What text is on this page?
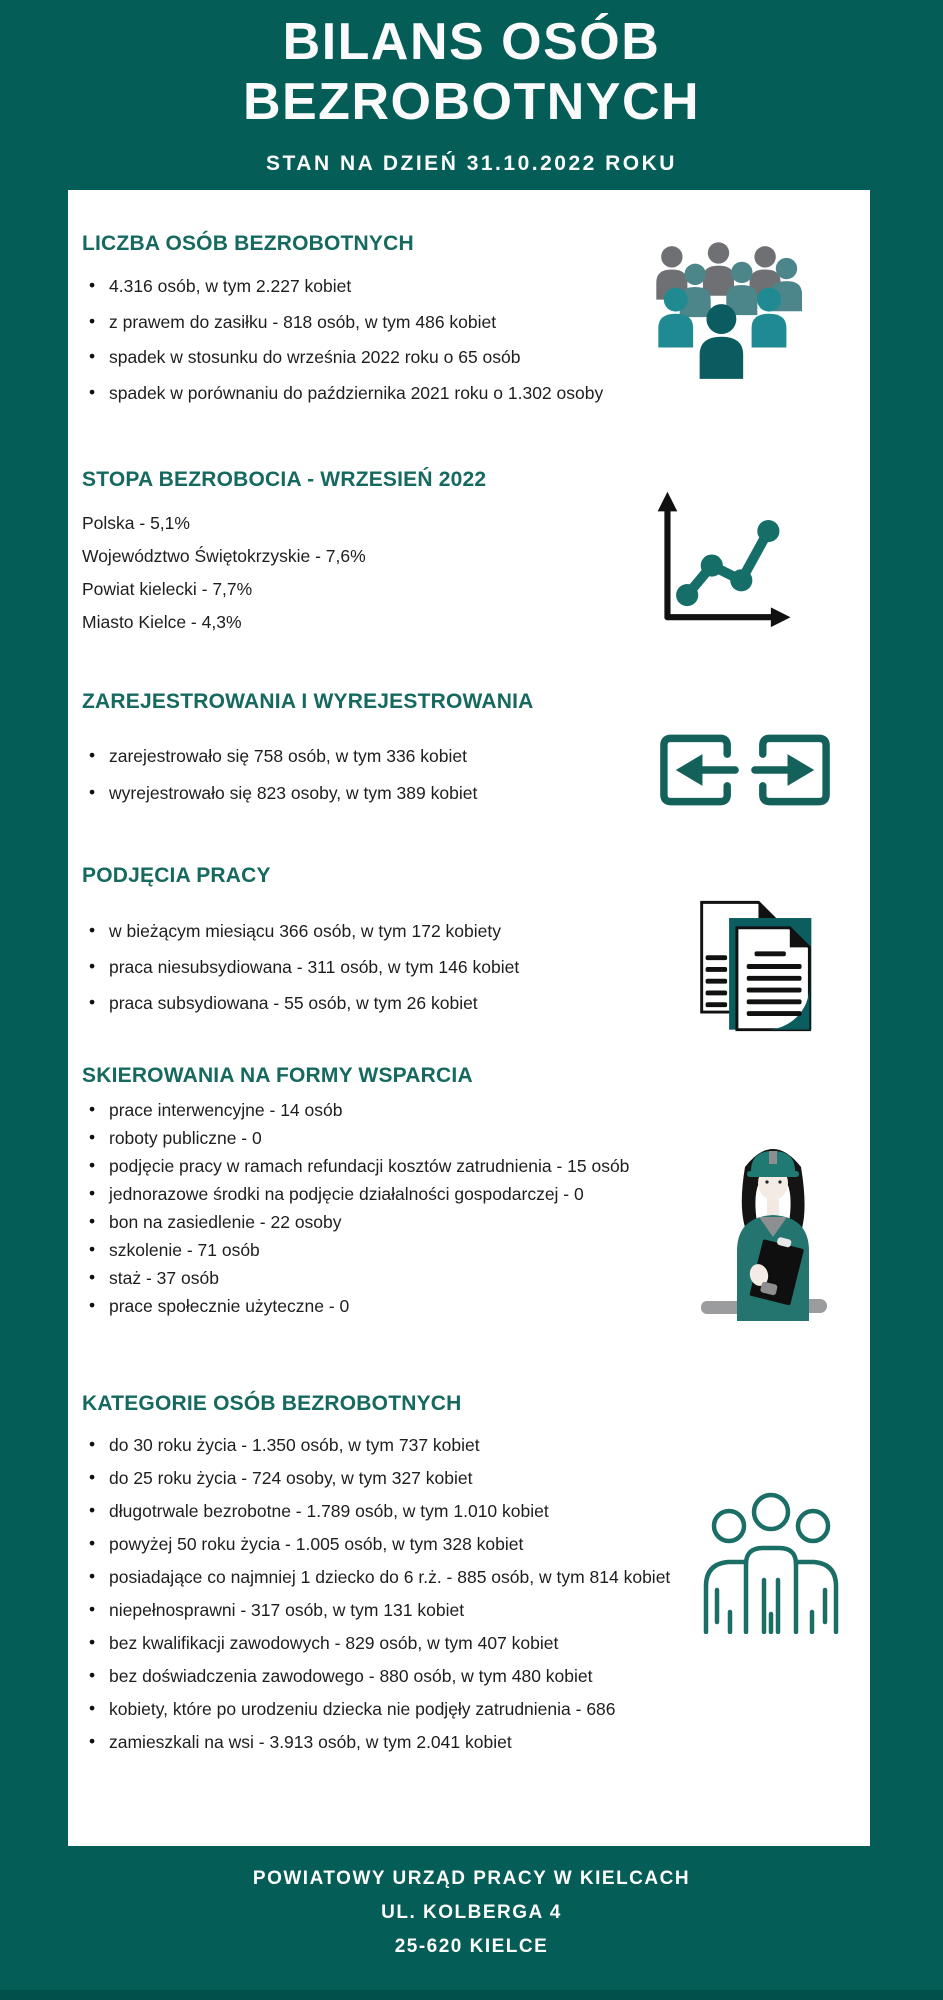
BILANS OSÓB
BEZROBOTNYCH
STAN NA DZIEŃ 31.10.2022 ROKU
LICZBA OSÓB BEZROBOTNYCH
• 4.316 osób, w tym 2.227 kobiet
• z prawem do zasiłku - 818 osób, w tym 486 kobiet
• spadek w stosunku do września 2022 roku o 65 osób
• spadek w porównaniu do października 2021 roku o 1.302 osoby
STOPA BEZROBOCIA - WRZESIEŃ 2022
Polska - 5,1%
Województwo Świętokrzyskie - 7,6%
Powiat kielecki - 7,7%
Miasto Kielce - 4,3%
ZAREJESTROWANIA I WYREJESTROWANIA
• zarejestrowało się 758 osób, w tym 336 kobiet
• wyrejestrowało się 823 osoby, w tym 389 kobiet
PODJĘCIA PRACY
• w bieżącym miesiącu 366 osób, w tym 172 kobiety
• praca niesubsydiowana - 311 osób, w tym 146 kobiet
• praca subsydiowana - 55 osób, w tym 26 kobiet
SKIEROWANIA NA FORMY WSPARCIA
• prace interwencyjne - 14 osób
• roboty publiczne - 0
• podjęcie pracy w ramach refundacji kosztów zatrudnienia - 15 osób
• jednorazowe środki na podjęcie działalności gospodarczej - 0
• bon na zasiedlenie - 22 osoby
• szkolenie - 71 osób
• staż - 37 osób
• prace społecznie użyteczne - 0
KATEGORIE OSÓB BEZROBOTNYCH
• do 30 roku życia - 1.350 osób, w tym 737 kobiet
• do 25 roku życia - 724 osoby, w tym 327 kobiet
• długotrwale bezrobotne - 1.789 osób, w tym 1.010 kobiet
• powyżej 50 roku życia - 1.005 osób, w tym 328 kobiet
• posiadające co najmniej 1 dziecko do 6 r.ż. - 885 osób, w tym 814 kobiet
• niepełnosprawni - 317 osób, w tym 131 kobiet
• bez kwalifikacji zawodowych - 829 osób, w tym 407 kobiet
• bez doświadczenia zawodowego - 880 osób, w tym 480 kobiet
• kobiety, które po urodzeniu dziecka nie podjęły zatrudnienia - 686
• zamieszkali na wsi - 3.913 osób, w tym 2.041 kobiet
POWIATOWY URZĄD PRACY W KIELCACH
UL. KOLBERGA 4
25-620 KIELCE
